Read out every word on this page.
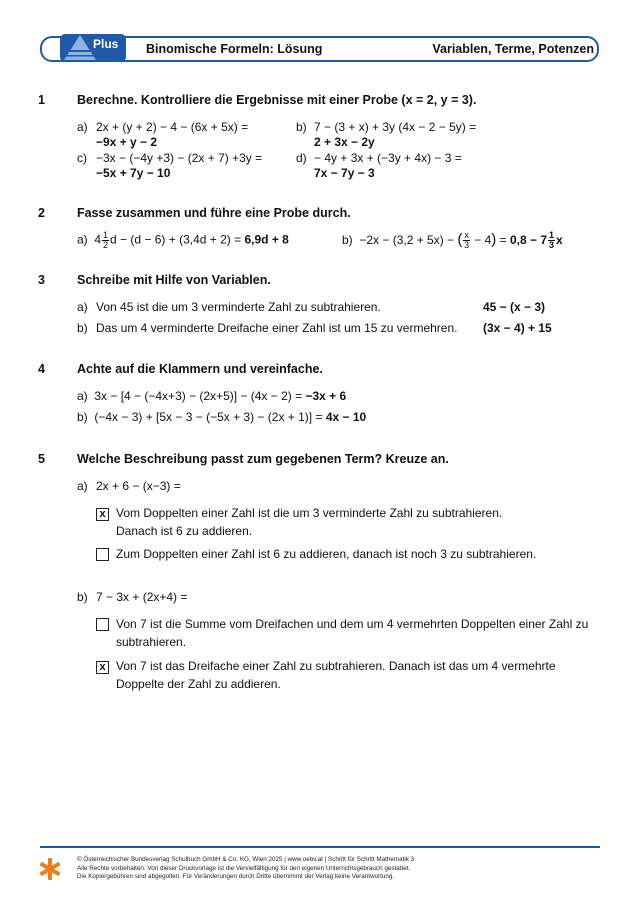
Plus Binomische Formeln: Lösung	Variablen, Terme, Potenzen
1	Berechne. Kontrolliere die Ergebnisse mit einer Probe (x = 2, y = 3).
a) 2x + (y + 2) − 4 − (6x + 5x) =
−9x + y − 2
b) 7 − (3 + x) + 3y (4x − 2 − 5y) =
2 + 3x − 2y
c) −3x − (−4y +3) − (2x + 7) +3y =
−5x + 7y − 10
d) − 4y + 3x + (−3y + 4x) − 3 =
7x − 7y − 3
2	Fasse zusammen und führe eine Probe durch.
a) $4 \frac{1}{2}$ d − (d − 6) + (3,4d + 2) = 6,9d + 8	b) −2x − (3,2 + 5x) − ( $\frac{x}{3} - 4) = 0,8 - 7 \frac{1}{3}$ x
3	Schreibe mit Hilfe von Variablen.
a) Von 45 ist die um 3 verminderte Zahl zu subtrahieren.	45 − (x − 3)
b) Das um 4 verminderte Dreifache einer Zahl ist um 15 zu vermehren. (3x − 4) + 15
4	Achte auf die Klammern und vereinfache.
a) 3x − [4 − (−4x+3) − (2x+5)] − (4x − 2) = −3x + 6
b) (−4x − 3) + [5x − 3 − (−5x + 3) − (2x + 1)] = 4x − 10
5	Welche Beschreibung passt zum gegebenen Term? Kreuze an.
a) 2x + 6 − (x−3) =
x Vom Doppelten einer Zahl ist die um 3 verminderte Zahl zu subtrahieren.
Danach ist 6 zu addieren.
Zum Doppelten einer Zahl ist 6 zu addieren, danach ist noch 3 zu subtrahieren.
b) 7 − 3x + (2x+4) =
Von 7 ist die Summe vom Dreifachen und dem um 4 vermehrten Doppelten einer Zahl zu
subtrahieren.
x Von 7 ist das Dreifache einer Zahl zu subtrahieren. Danach ist das um 4 vermehrte
Doppelte der Zahl zu addieren.
© Österreichischer Bundesverlag Schulbuch GmbH & Co. KG, Wien 2025 | www.oebv.at | Schritt für Schritt Mathematik 3
Alle Rechte vorbehalten. Von dieser Druckvorlage ist die Vervielfältigung für den eigenen Unterrichtsgebrauch gestattet.
Die Kopiergebühren sind abgegolten. Für Veränderungen durch Dritte übernimmt der Verlag keine Verantwortung.
